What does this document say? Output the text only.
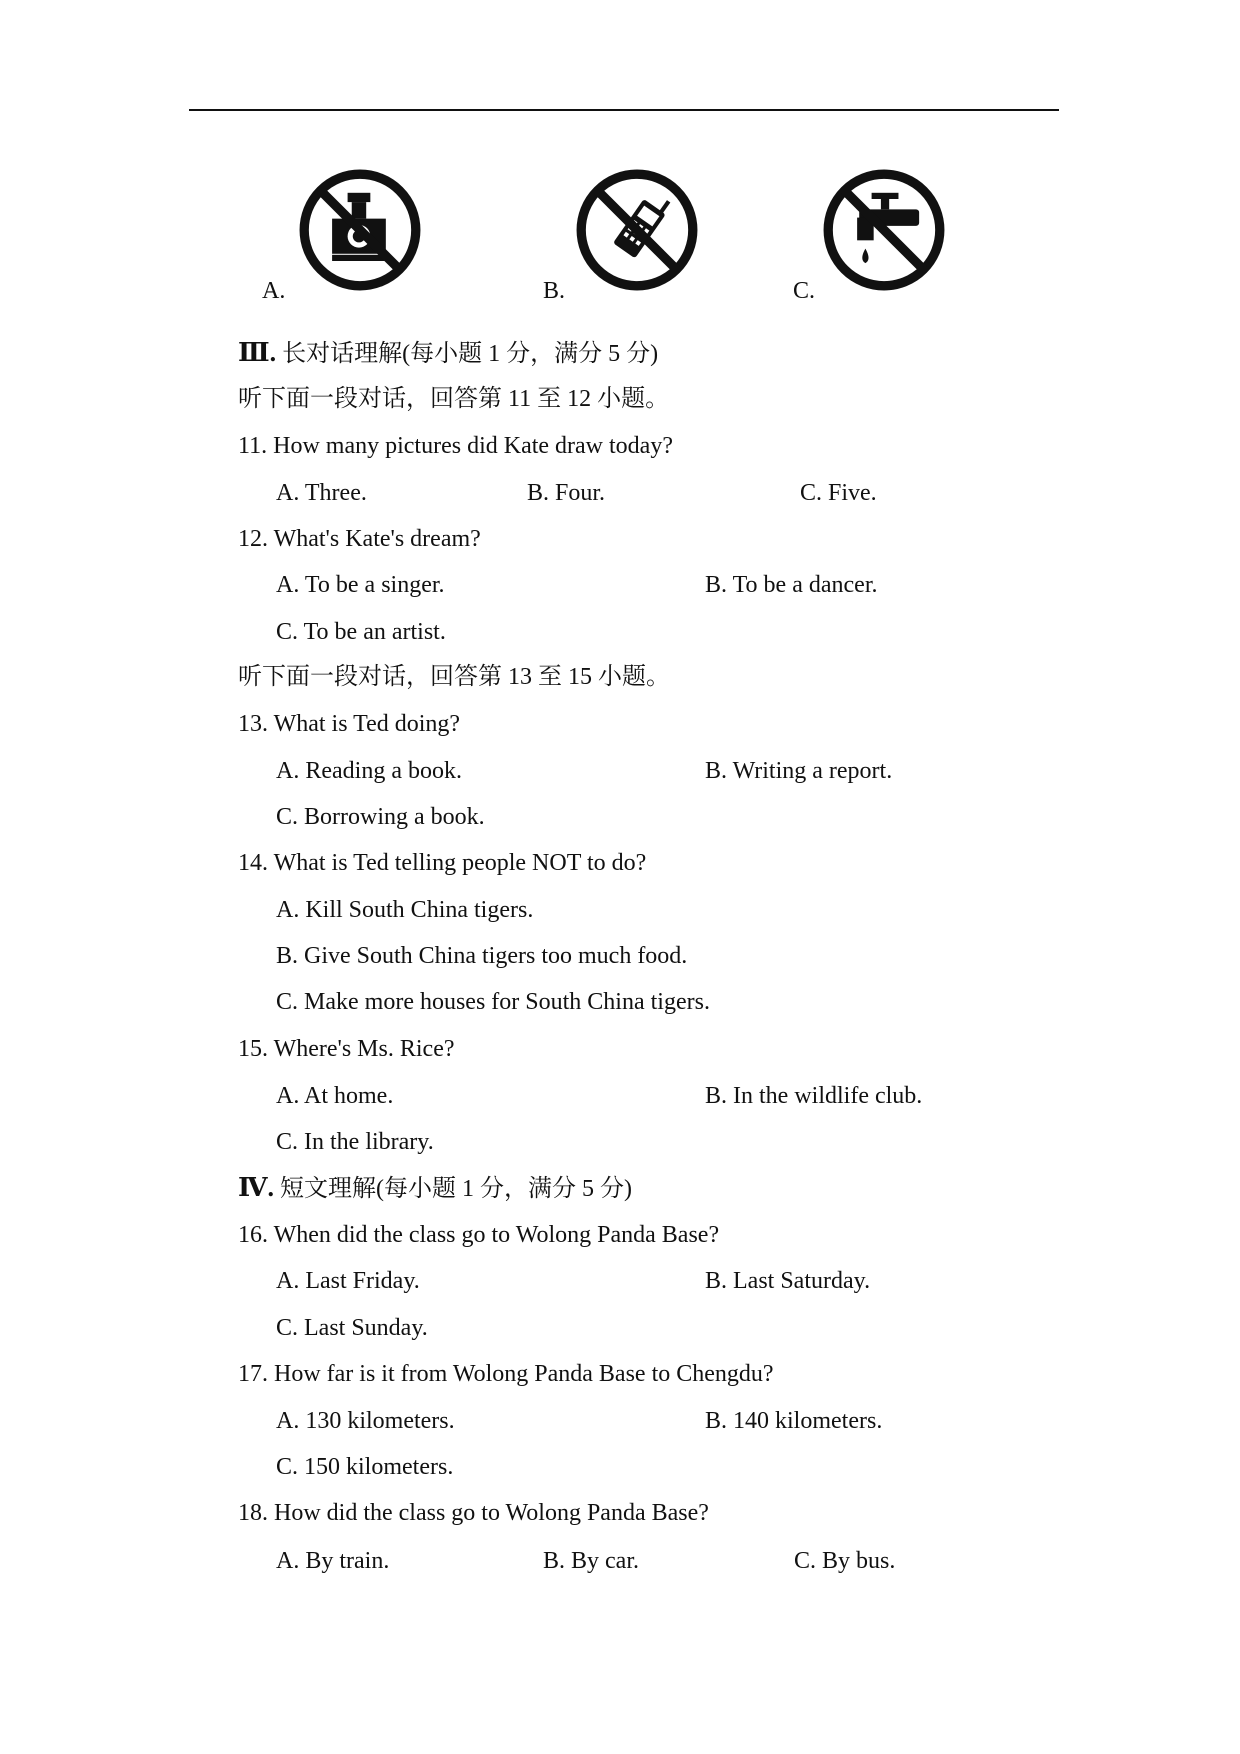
A.	B.	C.
Ⅲ. 长对话理解(每小题 1 分，满分 5 分)
听下面一段对话，回答第 11 至 12 小题。
11. How many pictures did Kate draw today?
A. Three.	B. Four.	C. Five.
12. What's Kate's dream?
A. To be a singer.	B. To be a dancer.
C. To be an artist.
听下面一段对话，回答第 13 至 15 小题。
13. What is Ted doing?
A. Reading a book.	B. Writing a report.
C. Borrowing a book.
14. What is Ted telling people NOT to do?
A. Kill South China tigers.
B. Give South China tigers too much food.
C. Make more houses for South China tigers.
15. Where's Ms. Rice?
A. At home.	B. In the wildlife club.
C. In the library.
Ⅳ. 短文理解(每小题 1 分，满分 5 分)
16. When did the class go to Wolong Panda Base?
A. Last Friday.	B. Last Saturday.
C. Last Sunday.
17. How far is it from Wolong Panda Base to Chengdu?
A. 130 kilometers.	B. 140 kilometers.
C. 150 kilometers.
18. How did the class go to Wolong Panda Base?
A. By train.	B. By car.	C. By bus.
